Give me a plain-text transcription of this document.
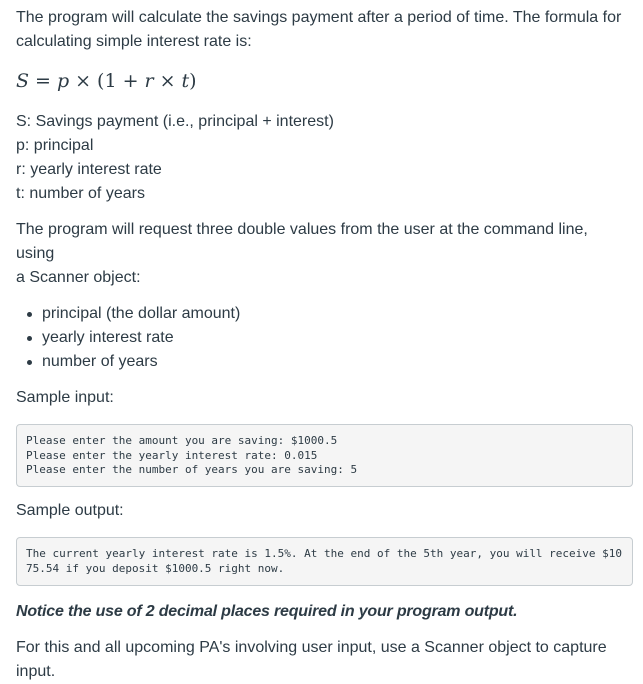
The program will calculate the savings payment after a period of time. The formula for

calculating simple interest rate is:

S = p × (1 + r × t)

S: Savings payment (i.e., principal + interest)

p: principal

r: yearly interest rate

t: number of years

The program will request three double values from the user at the command line, using

a Scanner object:

principal (the dollar amount)
yearly interest rate
number of years

Sample input:

Please enter the amount you are saving: $1000.5
Please enter the yearly interest rate: 0.015
Please enter the number of years you are saving: 5

Sample output:

The current yearly interest rate is 1.5%. At the end of the 5th year, you will receive $10
75.54 if you deposit $1000.5 right now.

Notice the use of 2 decimal places required in your program output.

For this and all upcoming PA's involving user input, use a Scanner object to capture

input.
